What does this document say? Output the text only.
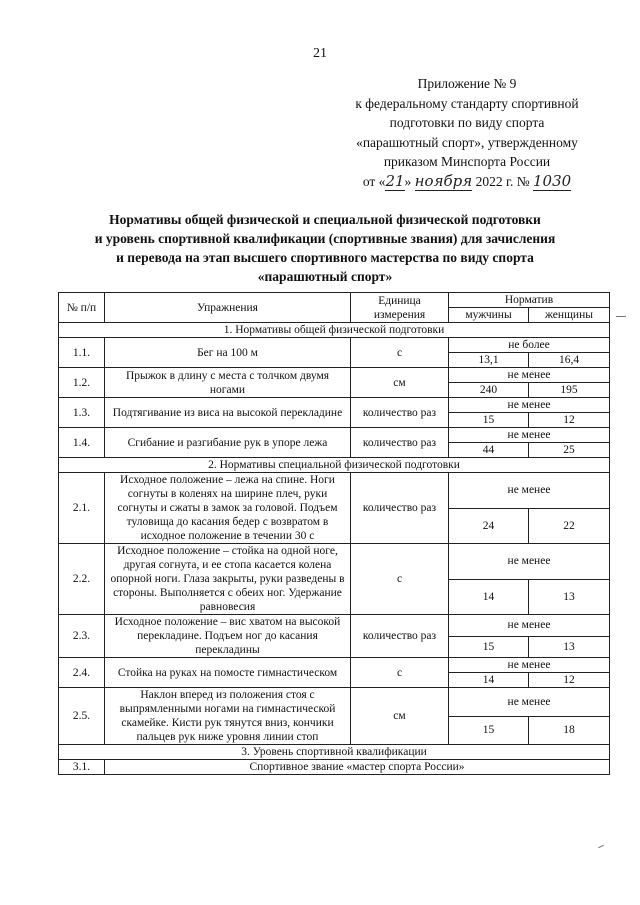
21
Приложение № 9
к федеральному стандарту спортивной
подготовки по виду спорта
«парашютный спорт», утвержденному
приказом Минспорта России
от «21» ноября 2022 г. № 1030
Нормативы общей физической и специальной физической подготовки
и уровень спортивной квалификации (спортивные звания) для зачисления
и перевода на этап высшего спортивного мастерства по виду спорта
«парашютный спорт»
№ п/п	Упражнения	Единица измерения	Норматив	
			мужчины	женщины
1. Нормативы общей физической подготовки				
1.1.	Бег на 100 м	с	не более	
			13,1	16,4
1.2.	Прыжок в длину с места с толчком двумя ногами	см	не менее	
			240	195
1.3.	Подтягивание из виса на высокой перекладине	количество раз	не менее	
			15	12
1.4.	Сгибание и разгибание рук в упоре лежа	количество раз	не менее	
			44	25
2. Нормативы специальной физической подготовки				
2.1.	Исходное положение – лежа на спине. Ноги согнуты в коленях на ширине плеч, руки согнуты и сжаты в замок за головой. Подъем туловища до касания бедер с возвратом в исходное положение в течении 30 с	количество раз	не менее	
			24	22
2.2.	Исходное положение – стойка на одной ноге, другая согнута, и ее стопа касается колена опорной ноги. Глаза закрыты, руки разведены в стороны. Выполняется с обеих ног. Удержание равновесия	с	не менее	
			14	13
2.3.	Исходное положение – вис хватом на высокой перекладине. Подъем ног до касания перекладины	количество раз	не менее	
			15	13
2.4.	Стойка на руках на помосте гимнастическом	с	не менее	
			14	12
2.5.	Наклон вперед из положения стоя с выпрямленными ногами на гимнастической скамейке. Кисти рук тянутся вниз, кончики пальцев рук ниже уровня линии стоп	см	не менее	
			15	18
3. Уровень спортивной квалификации				
3.1.	Спортивное звание «мастер спорта России»			
